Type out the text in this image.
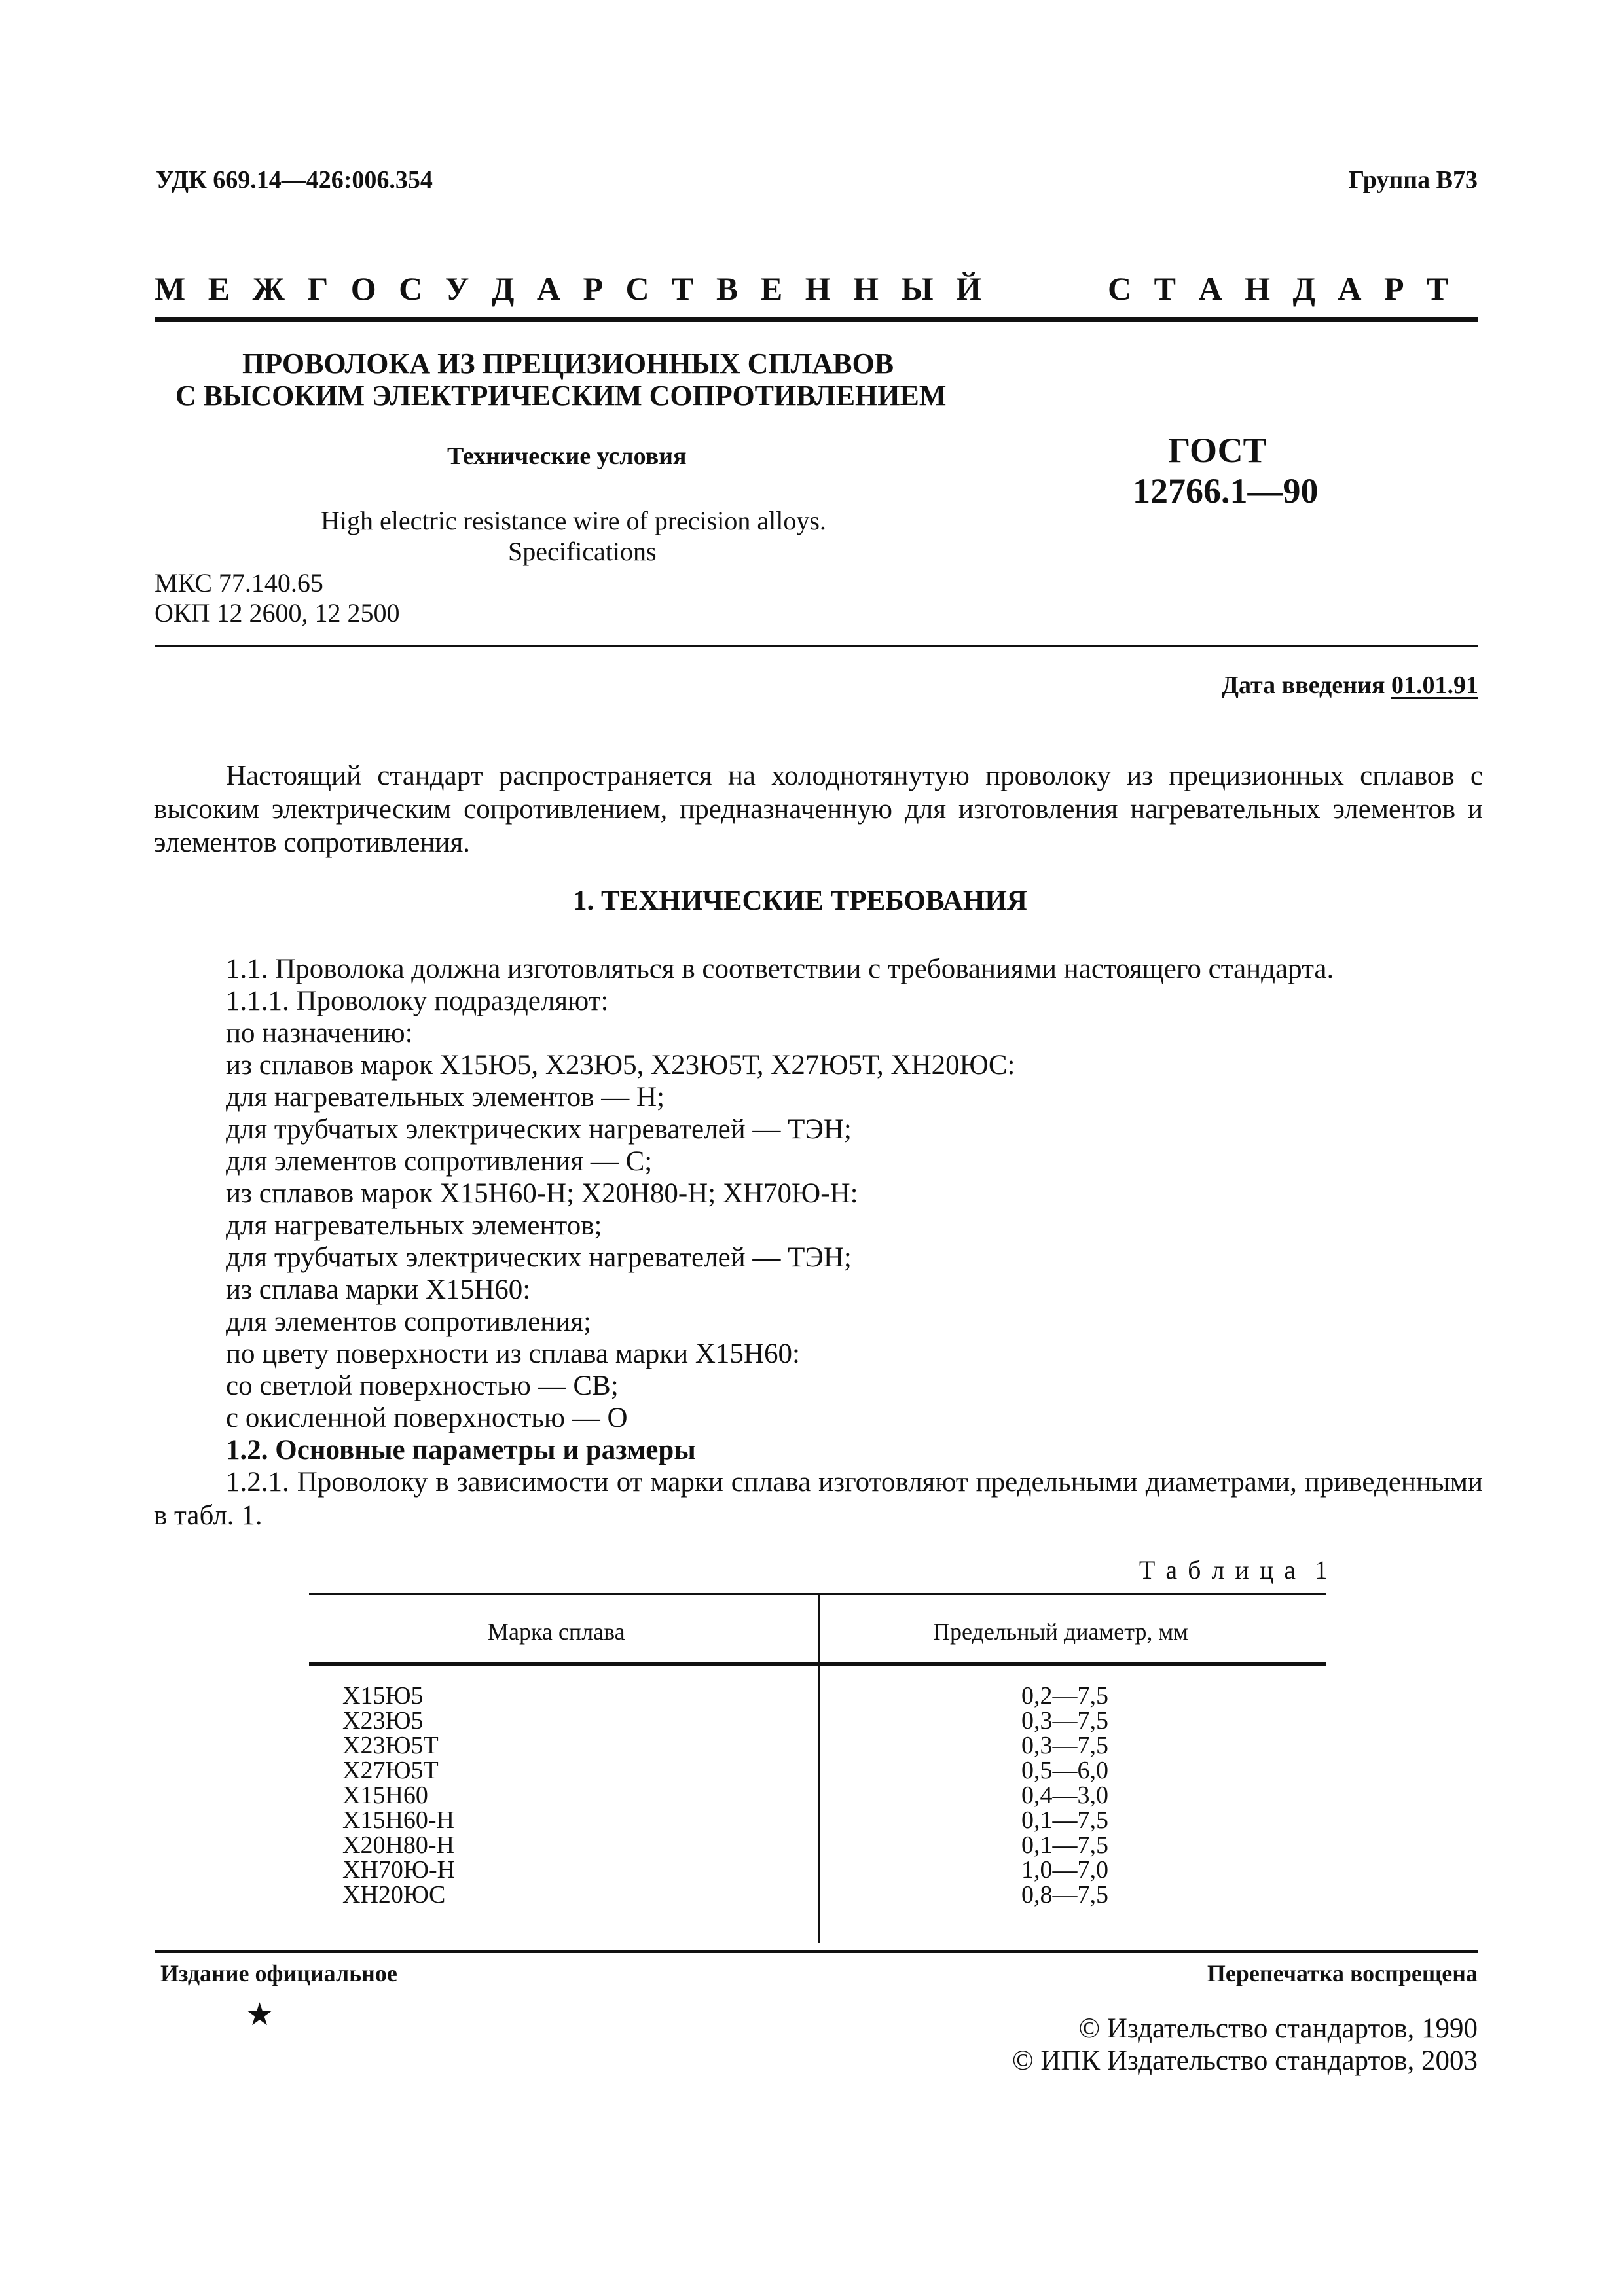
УДК 669.14—426:006.354	Группа В73
М Е Ж Г О С У Д А Р С Т В Е Н Н Ы Й	С Т А Н Д А Р Т
ПРОВОЛОКА ИЗ ПРЕЦИЗИОННЫХ СПЛАВОВ
С ВЫСОКИМ ЭЛЕКТРИЧЕСКИМ СОПРОТИВЛЕНИЕМ
Технические условия
High electric resistance wire of precision alloys.
Specifications
ГОСТ
12766.1—90
МКС 77.140.65
ОКП 12 2600, 12 2500
Дата введения 01.01.91
Настоящий стандарт распространяется на холоднотянутую проволоку из прецизионных сплавов с высоким электрическим сопротивлением, предназначенную для изготовления нагревательных элементов и элементов сопротивления.
1. ТЕХНИЧЕСКИЕ ТРЕБОВАНИЯ
1.1. Проволока должна изготовляться в соответствии с требованиями настоящего стандарта.
1.1.1. Проволоку подразделяют:
по назначению:
из сплавов марок Х15Ю5, Х23Ю5, Х23Ю5Т, Х27Ю5Т, ХН20ЮС:
для нагревательных элементов — Н;
для трубчатых электрических нагревателей — ТЭН;
для элементов сопротивления — С;
из сплавов марок Х15Н60-Н; Х20Н80-Н; ХН70Ю-Н:
для нагревательных элементов;
для трубчатых электрических нагревателей — ТЭН;
из сплава марки Х15Н60:
для элементов сопротивления;
по цвету поверхности из сплава марки Х15Н60:
со светлой поверхностью — СВ;
с окисленной поверхностью — О
1.2. Основные параметры и размеры
1.2.1. Проволоку в зависимости от марки сплава изготовляют предельными диаметрами, приведенными в табл. 1.
Т а б л и ц а  1
Марка сплава	Предельный диаметр, мм
Х15Ю5	0,2—7,5
Х23Ю5	0,3—7,5
Х23Ю5Т	0,3—7,5
Х27Ю5Т	0,5—6,0
Х15Н60	0,4—3,0
Х15Н60-Н	0,1—7,5
Х20Н80-Н	0,1—7,5
ХН70Ю-Н	1,0—7,0
ХН20ЮС	0,8—7,5
Издание официальное	Перепечатка воспрещена
★	© Издательство стандартов, 1990
© ИПК Издательство стандартов, 2003
